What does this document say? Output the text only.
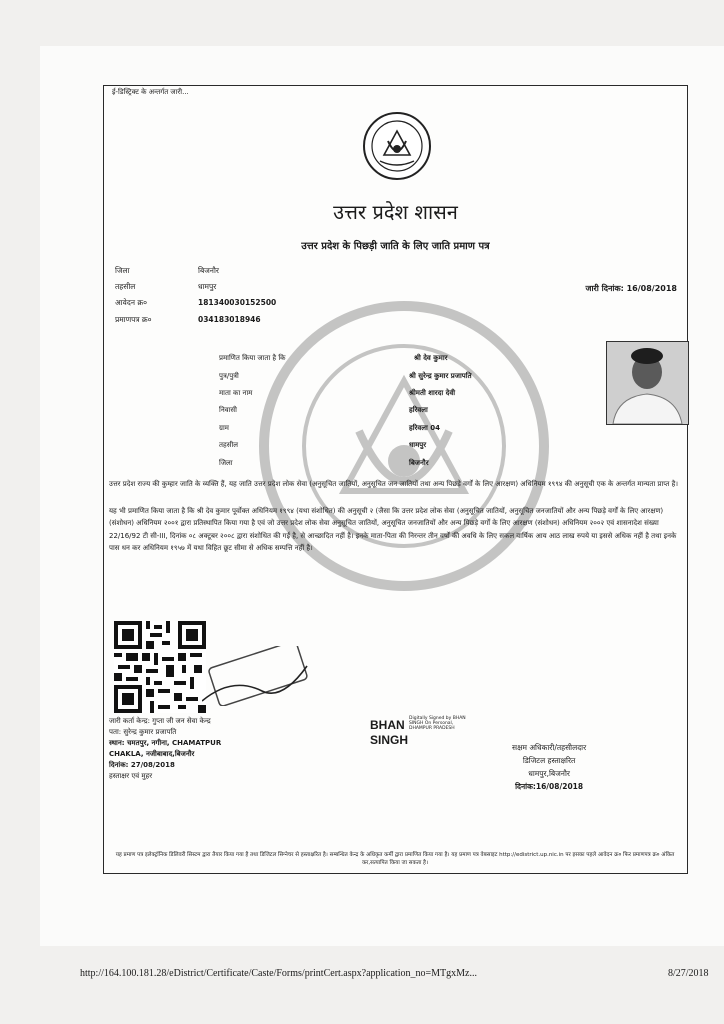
ई-डिस्ट्रिक्ट के अन्तर्गत जारी...
उत्तर प्रदेश शासन
उत्तर प्रदेश के पिछड़ी जाति के लिए जाति प्रमाण पत्र
जिला	बिजनौर
तहसील	धामपुर
आवेदन क्र०	181340030152500
प्रमाणपत्र क्र०	034183018946
जारी दिनांक: 16/08/2018
प्रमाणित किया जाता है कि	श्री देव कुमार
पुत्र/पुत्री	श्री सुरेन्द्र कुमार प्रजापति
माता का नाम	श्रीमती शारदा देवी
निवासी	हरिवला
ग्राम	हरिवला 04
तहसील	धामपुर
जिला	बिजनौर
उत्तर प्रदेश राज्य की कुम्हार जाति के व्यक्ति हैं, यह जाति उत्तर प्रदेश लोक सेवा (अनुसूचित जातियों, अनुसूचित जन जातियों तथा अन्य पिछड़े वर्गों के लिए आरक्षण) अधिनियम १९९४ की अनुसूची एक के अन्तर्गत मान्यता प्राप्त है।
यह भी प्रमाणित किया जाता है कि श्री देव कुमार पूर्वोक्त अधिनियम १९९४ (यथा संशोधित) की अनुसूची २ (जैसा कि उत्तर प्रदेश लोक सेवा (अनुसूचित जातियों, अनुसूचित जनजातियों और अन्य पिछड़े वर्गों के लिए आरक्षण) (संशोधन) अधिनियम २००१ द्वारा प्रतिस्थापित किया गया है एवं जो उत्तर प्रदेश लोक सेवा अनुसूचित जातियों, अनुसूचित जनजातियों और अन्य पिछड़े वर्गों के लिए आरक्षण (संशोधन) अधिनियम २००२ एवं शासनादेश संख्या 22/16/92 टी सी-III, दिनांक ०८ अक्टूबर २००८ द्वारा संशोधित की गई है, से आच्छादित नहीं है। इनके माता-पिता की निरन्तर तीन वर्षों की अवधि के लिए सकल वार्षिक आय आठ लाख रुपये या इससे अधिक नहीं है तथा इनके पास धन कर अधिनियम १९५७ में यथा विहित छूट सीमा से अधिक सम्पत्ति नहीं है।
जारी कर्ता केन्द्र: गुप्ता जी जन सेवा केन्द्र
पता: सुरेन्द्र कुमार प्रजापति
स्थान: चमतपुर, नगीना, CHAMATPUR
CHAKLA, नजीबाबाद,बिजनौर
दिनांक: 27/08/2018
हस्ताक्षर एवं मुहर
BHAN SINGH
Digitally Signed by BHAN SINGH On Personal, DHAMPUR PRADESH
सक्षम अधिकारी/तहसीलदार
डिजिटल हस्ताक्षरित
धामपुर,बिजनौर
दिनांक:16/08/2018
यह प्रमाण पत्र इलेक्ट्रॉनिक डिलिवरी सिस्टम द्वारा तैयार किया गया है तथा डिजिटल सिग्नेचर से हस्ताक्षरित है। सम्बन्धित केन्द्र के अधिकृत कर्मी द्वारा प्रमाणित किया गया है। यह प्रमाण पत्र वेबसाइट http://edistrict.up.nic.in पर इसका पहले आवेदन क्र० फिर प्रमाणपत्र क्र० अंकित कर,सत्यापित किया जा सकता है।
http://164.100.181.28/eDistrict/Certificate/Caste/Forms/printCert.aspx?application_no=MTgxMz...	8/27/2018
